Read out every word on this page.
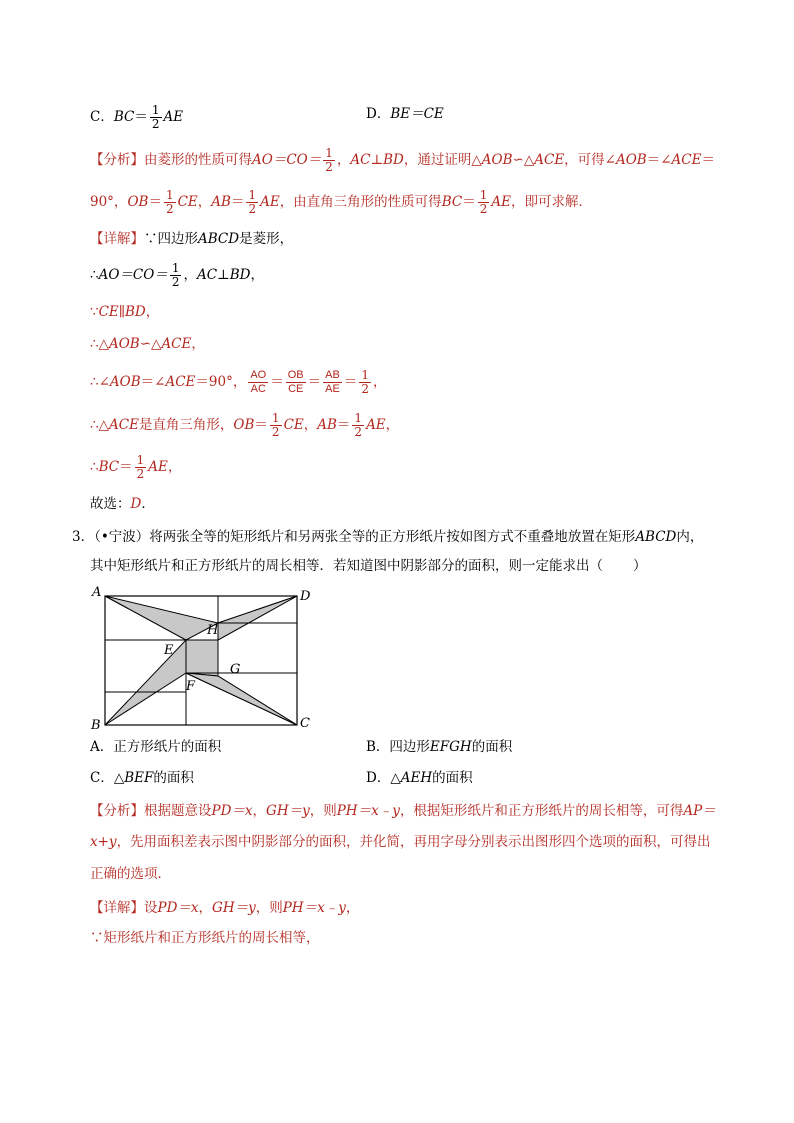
C．$BC= \frac{1}{2}$ AE	D．BE＝CE
【分析】由菱形的性质可得$AO=CO= \frac{1}{2}$ ，AC⊥BD，通过证明△AOB∽△ACE，可得∠AOB＝∠ACE＝
90°，$OB= \frac{1}{2}$ CE，$AB= \frac{1}{2}$ AE，由直角三角形的性质可得$BC= \frac{1}{2}$ AE，即可求解．
【详解】∵四边形ABCD是菱形，
∴AO＝CO＝ $\frac{1}{2}$ ，AC⊥BD，
∵CE∥BD，
∴△AOB∽△ACE，
∴∠AOB＝∠ACE＝90°， $\frac{AO}{AC} = \frac{OB}{CE} = \frac{AB}{AE} = \frac{1}{2}$ ，
∴△ACE是直角三角形，$OB= \frac{1}{2}$ CE，$AB= \frac{1}{2}$ AE，
∴BC＝ $\frac{1}{2}$ AE，
故选：D．
3．（•宁波）将两张全等的矩形纸片和另两张全等的正方形纸片按如图方式不重叠地放置在矩形ABCD内，
其中矩形纸片和正方形纸片的周长相等．若知道图中阴影部分的面积，则一定能求出（ ）
A	D
H
E
G
F
B	C
A．正方形纸片的面积	B．四边形EFGH的面积
C．△BEF的面积	D．△AEH的面积
【分析】根据题意设PD＝x，GH＝y，则PH＝x﹣y，根据矩形纸片和正方形纸片的周长相等，可得AP＝
x+y，先用面积差表示图中阴影部分的面积，并化简，再用字母分别表示出图形四个选项的面积，可得出
正确的选项．
【详解】设PD＝x，GH＝y，则PH＝x﹣y，
∵矩形纸片和正方形纸片的周长相等，
